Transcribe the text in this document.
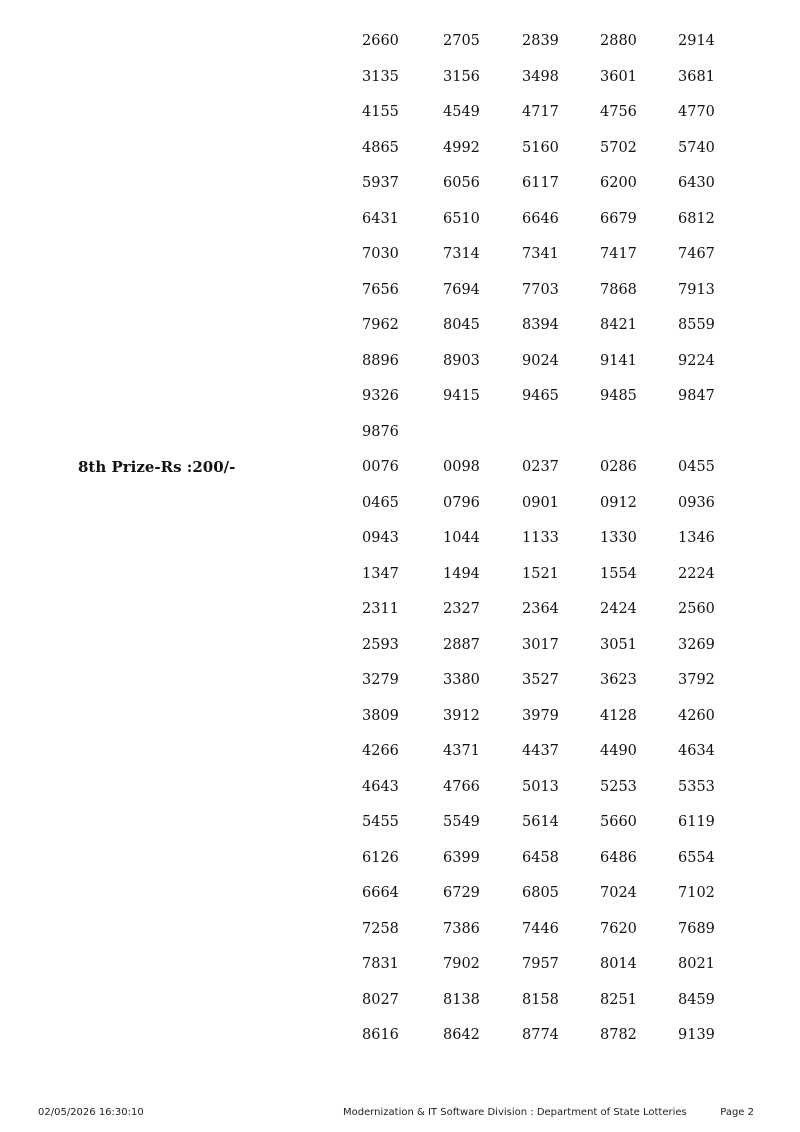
2660	2705	2839	2880	2914
3135	3156	3498	3601	3681
4155	4549	4717	4756	4770
4865	4992	5160	5702	5740
5937	6056	6117	6200	6430
6431	6510	6646	6679	6812
7030	7314	7341	7417	7467
7656	7694	7703	7868	7913
7962	8045	8394	8421	8559
8896	8903	9024	9141	9224
9326	9415	9465	9485	9847
9876
8th Prize-Rs :200/-	0076	0098	0237	0286	0455
0465	0796	0901	0912	0936
0943	1044	1133	1330	1346
1347	1494	1521	1554	2224
2311	2327	2364	2424	2560
2593	2887	3017	3051	3269
3279	3380	3527	3623	3792
3809	3912	3979	4128	4260
4266	4371	4437	4490	4634
4643	4766	5013	5253	5353
5455	5549	5614	5660	6119
6126	6399	6458	6486	6554
6664	6729	6805	7024	7102
7258	7386	7446	7620	7689
7831	7902	7957	8014	8021
8027	8138	8158	8251	8459
8616	8642	8774	8782	9139
02/05/2026 16:30:10	Modernization & IT Software Division : Department of State Lotteries	Page 2
